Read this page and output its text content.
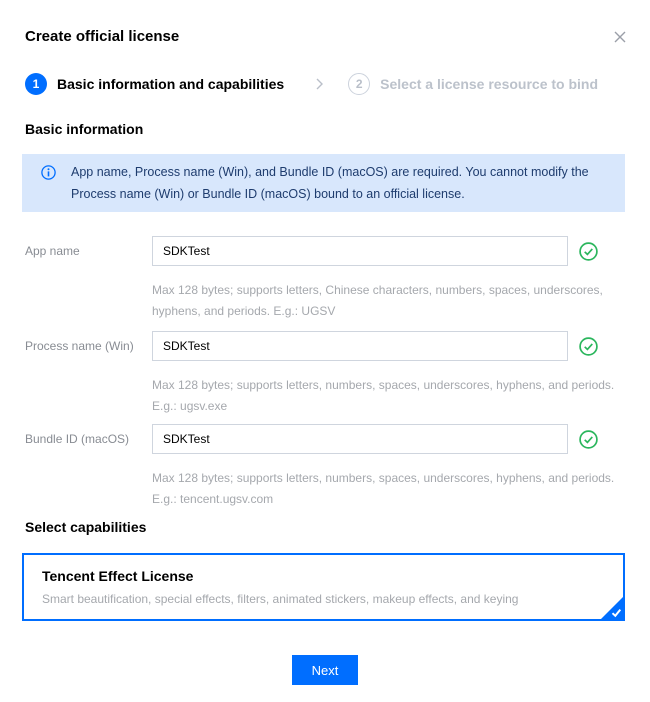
Create official license
1	Basic information and capabilities	2	Select a license resource to bind
Basic information
App name, Process name (Win), and Bundle ID (macOS) are required. You cannot modify the
Process name (Win) or Bundle ID (macOS) bound to an official license.
App name
SDKTest
Max 128 bytes; supports letters, Chinese characters, numbers, spaces, underscores,
hyphens, and periods. E.g.: UGSV
Process name (Win)
SDKTest
Max 128 bytes; supports letters, numbers, spaces, underscores, hyphens, and periods.
E.g.: ugsv.exe
Bundle ID (macOS)
SDKTest
Max 128 bytes; supports letters, numbers, spaces, underscores, hyphens, and periods.
E.g.: tencent.ugsv.com
Select capabilities
Tencent Effect License
Smart beautification, special effects, filters, animated stickers, makeup effects, and keying
Next
